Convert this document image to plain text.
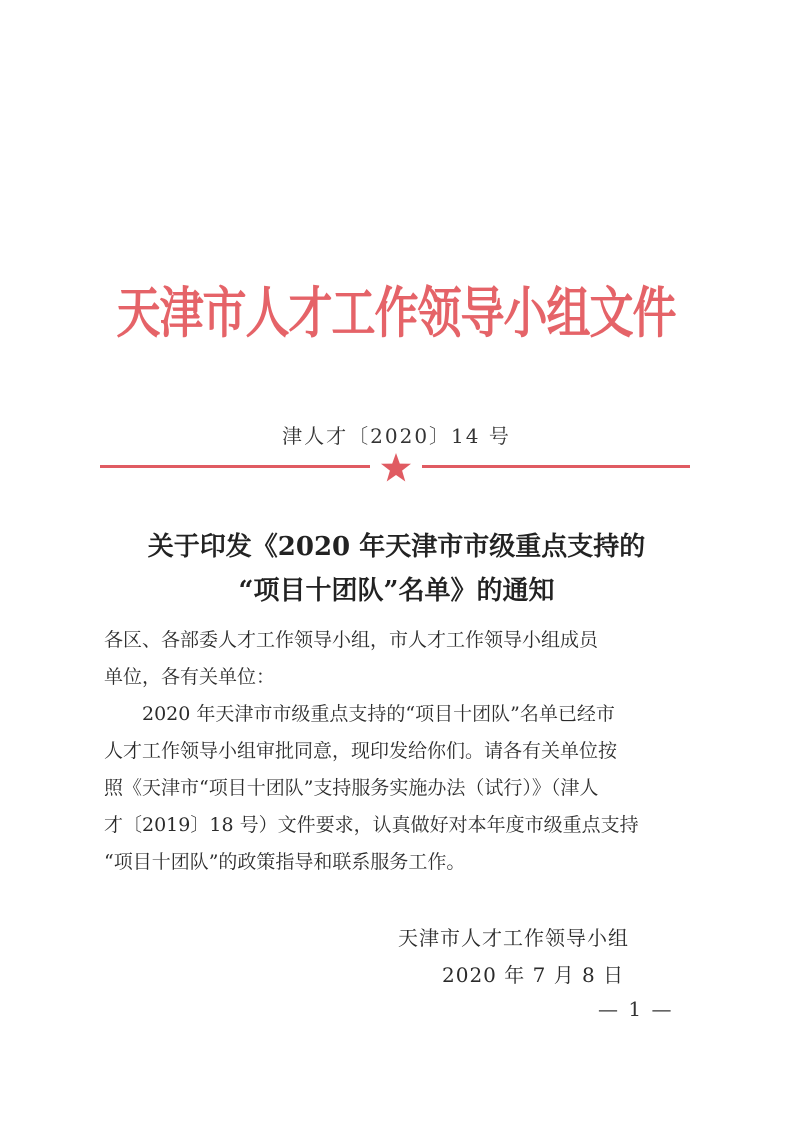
天津市人才工作领导小组文件
津人才〔2020〕14 号
关于印发《2020 年天津市市级重点支持的
“项目十团队”名单》的通知

各区、各部委人才工作领导小组，市人才工作领导小组成员

单位，各有关单位：

　　2020 年天津市市级重点支持的“项目十团队”名单已经市

人才工作领导小组审批同意，现印发给你们。请各有关单位按

照《天津市“项目十团队”支持服务实施办法（试行）》（津人

才〔2019〕18 号）文件要求，认真做好对本年度市级重点支持

“项目十团队”的政策指导和联系服务工作。

天津市人才工作领导小组
2020 年 7 月 8 日
— 1 —
